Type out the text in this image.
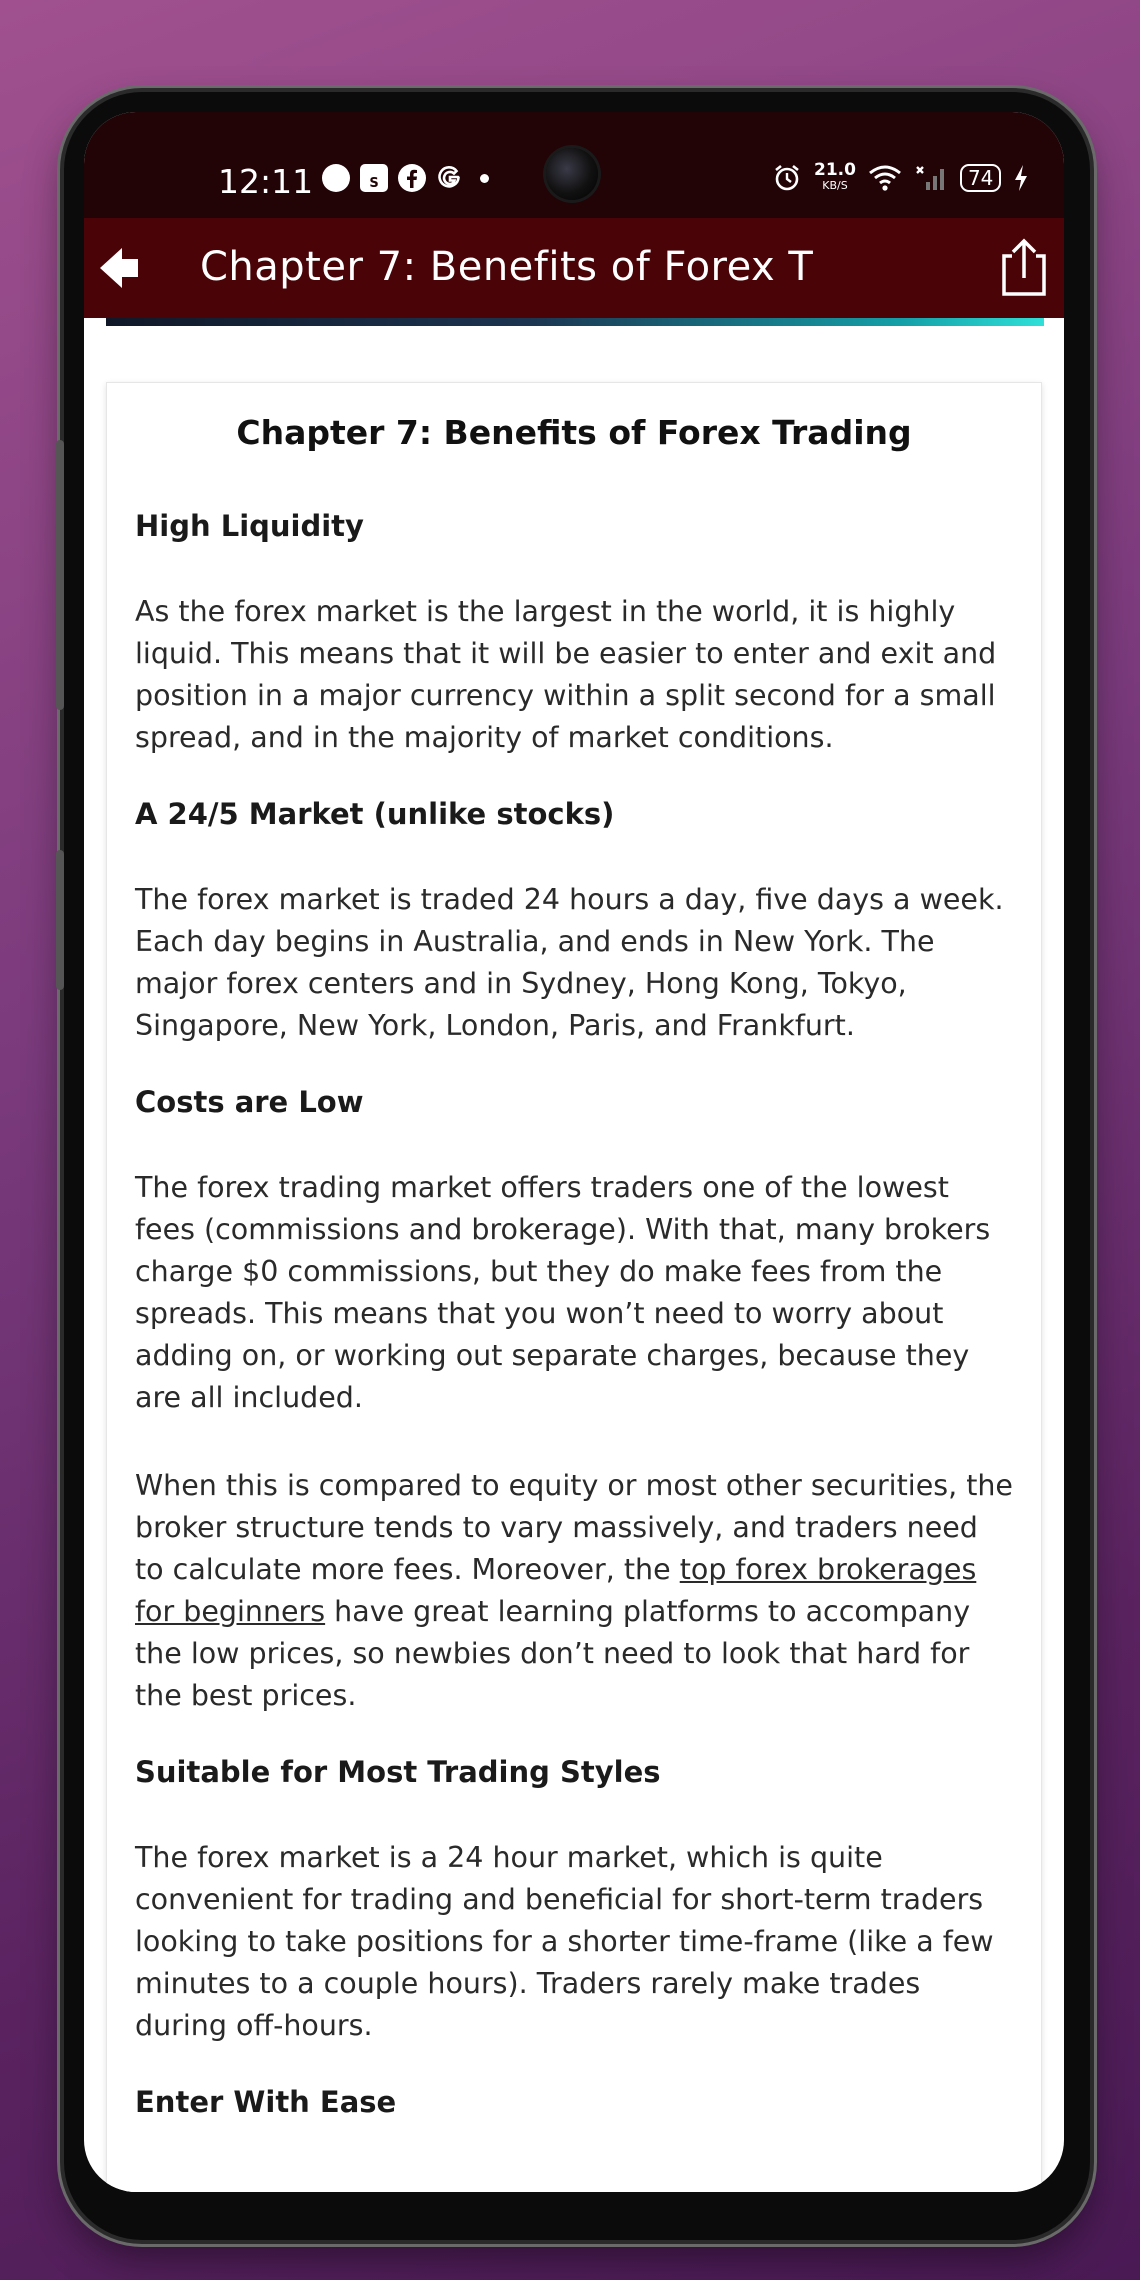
12:11	S
21.0
KB/S	74
Chapter 7: Benefits of Forex T
Chapter 7: Benefits of Forex Trading
High Liquidity

As the forex market is the largest in the world, it is highly liquid. This means that it will be easier to enter and exit and position in a major currency within a split second for a small spread, and in the majority of market conditions.

A 24/5 Market (unlike stocks)

The forex market is traded 24 hours a day, five days a week. Each day begins in Australia, and ends in New York. The major forex centers and in Sydney, Hong Kong, Tokyo, Singapore, New York, London, Paris, and Frankfurt.

Costs are Low

The forex trading market offers traders one of the lowest fees (commissions and brokerage). With that, many brokers charge $0 commissions, but they do make fees from the spreads. This means that you won’t need to worry about adding on, or working out separate charges, because they are all included.

When this is compared to equity or most other securities, the broker structure tends to vary massively, and traders need to calculate more fees. Moreover, the top forex brokerages for beginners have great learning platforms to accompany the low prices, so newbies don’t need to look that hard for the best prices.

Suitable for Most Trading Styles

The forex market is a 24 hour market, which is quite convenient for trading and beneficial for short-term traders looking to take positions for a shorter time-frame (like a few minutes to a couple hours). Traders rarely make trades during off-hours.

Enter With Ease
